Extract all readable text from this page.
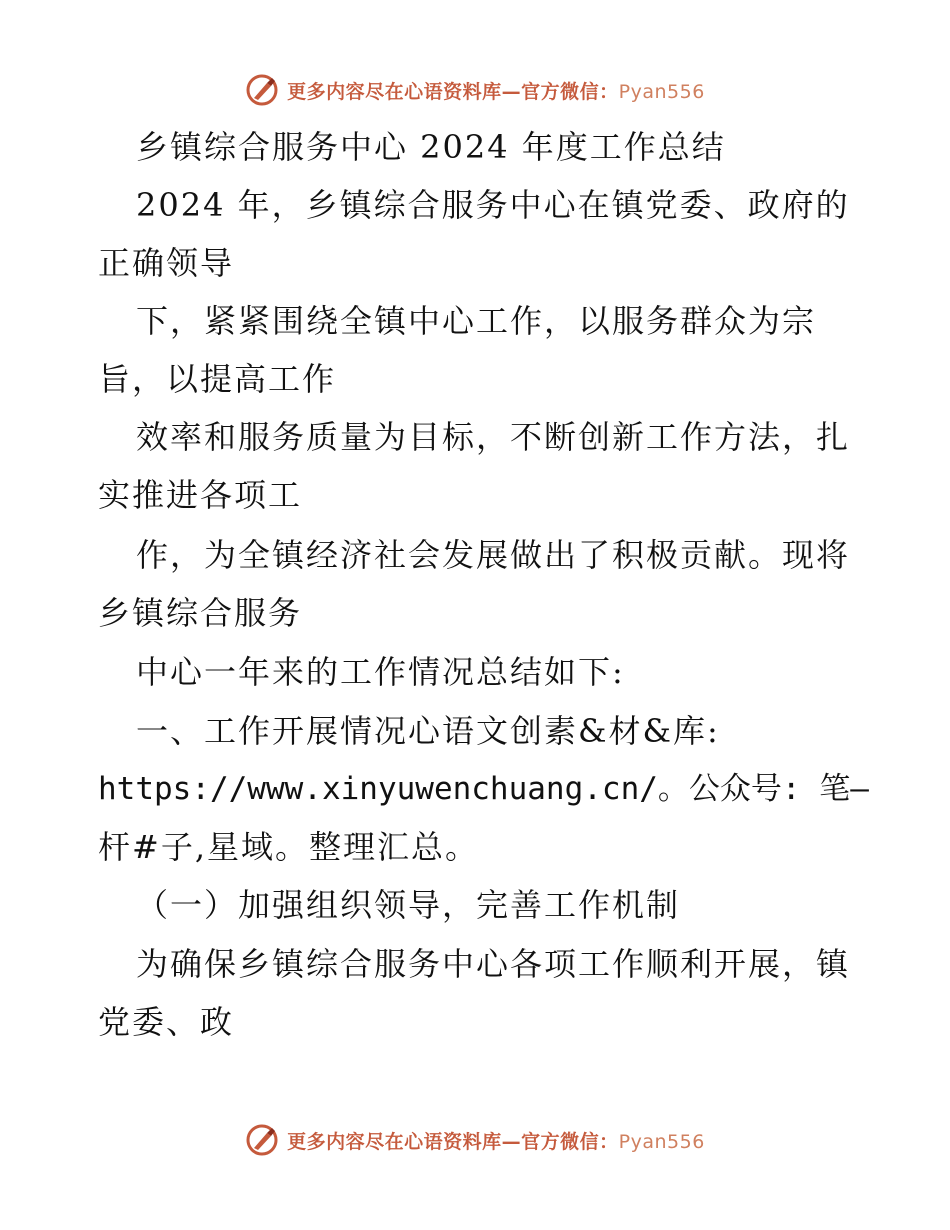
更多内容尽在心语资料库—官方微信：Pyan556
乡镇综合服务中心 2024 年度工作总结
2024 年，乡镇综合服务中心在镇党委、政府的
正确领导
下，紧紧围绕全镇中心工作，以服务群众为宗
旨，以提高工作
效率和服务质量为目标，不断创新工作方法，扎
实推进各项工
作，为全镇经济社会发展做出了积极贡献。现将
乡镇综合服务
中心一年来的工作情况总结如下:
一、工作开展情况心语文创素&材&库:
https://www.xinyuwenchuang.cn/。公众号: 笔—
杆#子,星域。整理汇总。
（一）加强组织领导，完善工作机制
为确保乡镇综合服务中心各项工作顺利开展，镇
党委、政
更多内容尽在心语资料库—官方微信：Pyan556
